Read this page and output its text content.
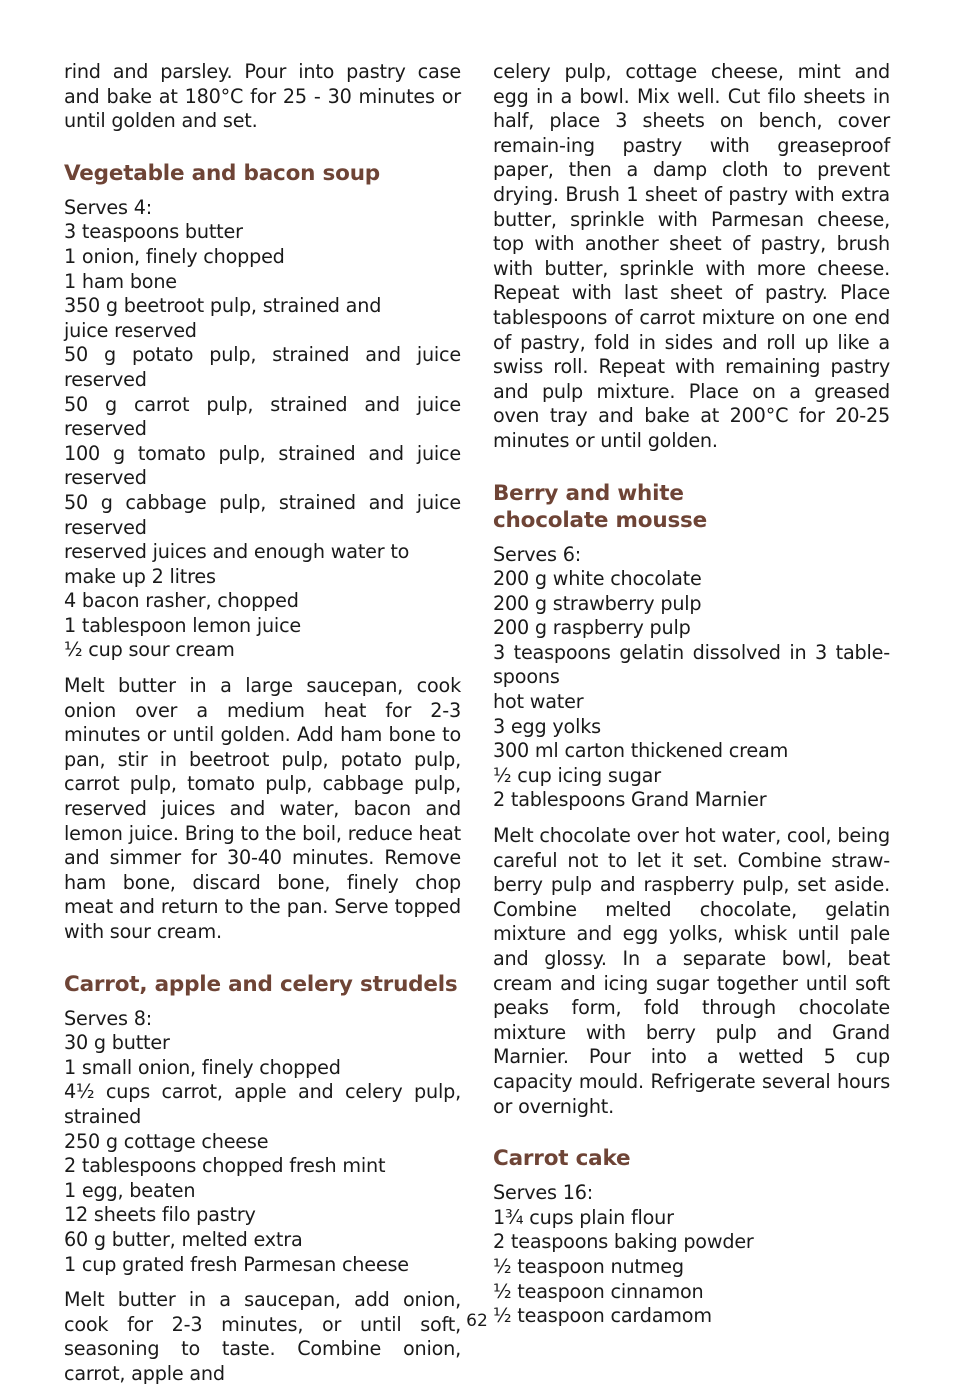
rind and parsley. Pour into pastry case and bake at 180°C for 25 - 30 minutes or until golden and set.

Vegetable and bacon soup
Serves 4:
3 teaspoons butter
1 onion, finely chopped
1 ham bone
350 g beetroot pulp, strained and
juice reserved
50 g potato pulp, strained and juice reserved
50 g carrot pulp, strained and juice reserved
100 g tomato pulp, strained and juice reserved
50 g cabbage pulp, strained and juice reserved
reserved juices and enough water to
make up 2 litres
4 bacon rasher, chopped
1 tablespoon lemon juice
½ cup sour cream

Melt butter in a large saucepan, cook onion over a medium heat for 2-3 minutes or until golden. Add ham bone to pan, stir in beetroot pulp, potato pulp, carrot pulp, tomato pulp, cabbage pulp, reserved juices and water, bacon and lemon juice. Bring to the boil, reduce heat and simmer for 30-40 minutes. Remove ham bone, discard bone, finely chop meat and return to the pan. Serve topped with sour cream.

Carrot, apple and celery strudels
Serves 8:
30 g butter
1 small onion, finely chopped
4½ cups carrot, apple and celery pulp, strained
250 g cottage cheese
2 tablespoons chopped fresh mint
1 egg, beaten
12 sheets filo pastry
60 g butter, melted extra
1 cup grated fresh Parmesan cheese

Melt butter in a saucepan, add onion, cook for 2-3 minutes, or until soft, seasoning to taste. Combine onion, carrot, apple and

celery pulp, cottage cheese, mint and egg in a bowl. Mix well. Cut filo sheets in half, place 3 sheets on bench, cover remain-ing pastry with greaseproof paper, then a damp cloth to prevent drying. Brush 1 sheet of pastry with extra butter, sprinkle with Parmesan cheese, top with another sheet of pastry, brush with butter, sprinkle with more cheese. Repeat with last sheet of pastry. Place tablespoons of carrot mixture on one end of pastry, fold in sides and roll up like a swiss roll. Repeat with remaining pastry and pulp mixture. Place on a greased oven tray and bake at 200°C for 20-25 minutes or until golden.

Berry and white
chocolate mousse
Serves 6:
200 g white chocolate
200 g strawberry pulp
200 g raspberry pulp
3 teaspoons gelatin dissolved in 3 table-spoons
hot water
3 egg yolks
300 ml carton thickened cream
½ cup icing sugar
2 tablespoons Grand Marnier

Melt chocolate over hot water, cool, being careful not to let it set. Combine straw-berry pulp and raspberry pulp, set aside. Combine melted chocolate, gelatin mixture and egg yolks, whisk until pale and glossy. In a separate bowl, beat cream and icing sugar together until soft peaks form, fold through chocolate mixture with berry pulp and Grand Marnier. Pour into a wetted 5 cup capacity mould. Refrigerate several hours or overnight.

Carrot cake
Serves 16:
1¾ cups plain flour
2 teaspoons baking powder
½ teaspoon nutmeg
½ teaspoon cinnamon
½ teaspoon cardamom
62
